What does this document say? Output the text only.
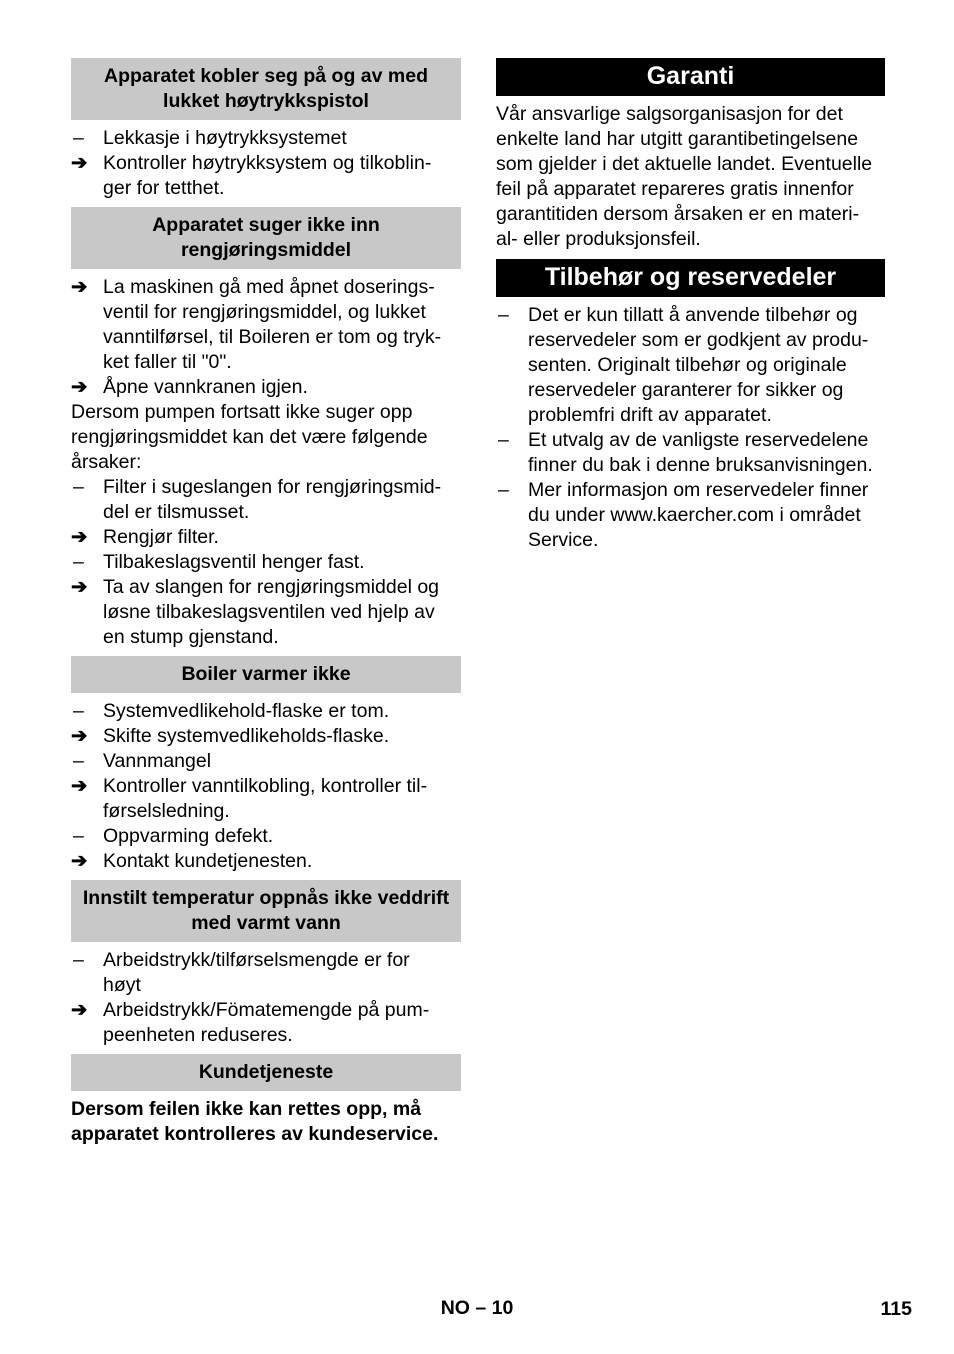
Apparatet kobler seg på og av med lukket høytrykkspistol
– Lekkasje i høytrykksystemet
➔ Kontroller høytrykksystem og tilkoblin-
ger for tetthet.
Apparatet suger ikke inn rengjøringsmiddel
➔ La maskinen gå med åpnet doserings-
ventil for rengjøringsmiddel, og lukket
vanntilførsel, til Boileren er tom og tryk-
ket faller til "0".
➔ Åpne vannkranen igjen.

Dersom pumpen fortsatt ikke suger opp
rengjøringsmiddet kan det være følgende
årsaker:

– Filter i sugeslangen for rengjøringsmid-
del er tilsmusset.
➔ Rengjør filter.
– Tilbakeslagsventil henger fast.
➔ Ta av slangen for rengjøringsmiddel og
løsne tilbakeslagsventilen ved hjelp av
en stump gjenstand.
Boiler varmer ikke
– Systemvedlikehold-flaske er tom.
➔ Skifte systemvedlikeholds-flaske.
– Vannmangel
➔ Kontroller vanntilkobling, kontroller til-
førselsledning.
– Oppvarming defekt.
➔ Kontakt kundetjenesten.
Innstilt temperatur oppnås ikke veddrift med varmt vann
– Arbeidstrykk/tilførselsmengde er for
høyt
➔ Arbeidstrykk/Fömatemengde på pum-
peenheten reduseres.
Kundetjeneste

Dersom feilen ikke kan rettes opp, må
apparatet kontrolleres av kundeservice.

Garanti

Vår ansvarlige salgsorganisasjon for det
enkelte land har utgitt garantibetingelsene
som gjelder i det aktuelle landet. Eventuelle
feil på apparatet repareres gratis innenfor
garantitiden dersom årsaken er en materi-
al- eller produksjonsfeil.

Tilbehør og reservedeler
– Det er kun tillatt å anvende tilbehør og
reservedeler som er godkjent av produ-
senten. Originalt tilbehør og originale
reservedeler garanterer for sikker og
problemfri drift av apparatet.
– Et utvalg av de vanligste reservedelene
finner du bak i denne bruksanvisningen.
– Mer informasjon om reservedeler finner
du under www.kaercher.com i området
Service.
NO – 10	115
